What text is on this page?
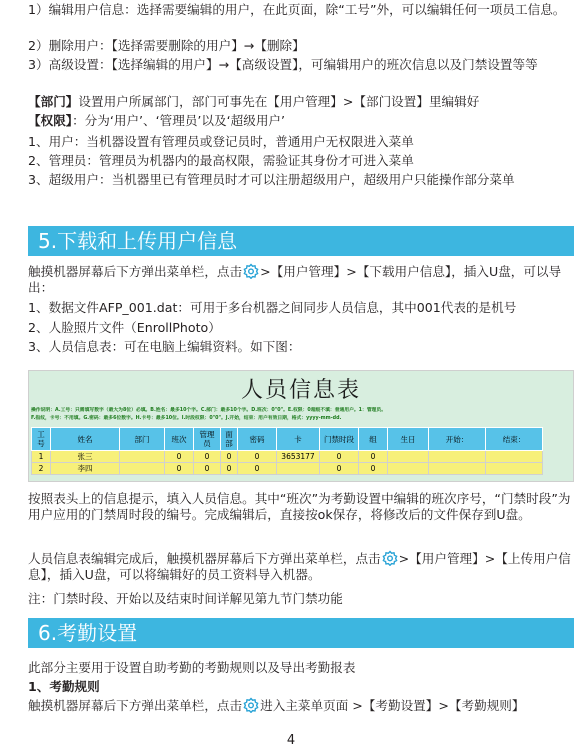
1）编辑用户信息：选择需要编辑的用户，在此页面，除“工号”外，可以编辑任何一项员工信息。

2）删除用户：【选择需要删除的用户】→【删除】

3）高级设置：【选择编辑的用户】→【高级设置】，可编辑用户的班次信息以及门禁设置等等

【部门】设置用户所属部门，部门可事先在【用户管理】>【部门设置】里编辑好

【权限】：分为‘用户’、‘管理员’以及‘超级用户’

1、用户：当机器设置有管理员或登记员时，普通用户无权限进入菜单

2、管理员：管理员为机器内的最高权限，需验证其身份才可进入菜单

3、超级用户：当机器里已有管理员时才可以注册超级用户，超级用户只能操作部分菜单

5.下载和上传用户信息

触摸机器屏幕后下方弹出菜单栏，点击 >【用户管理】>【下载用户信息】，插入U盘，可以导出：

1、数据文件AFP_001.dat：可用于多台机器之间同步人员信息，其中001代表的是机号

2、人脸照片文件（EnrollPhoto）

3、人员信息表：可在电脑上编辑资料。如下图：

人员信息表
操作说明：A.工号：只需填写数字（最大为8位）必填。B.姓名：最多10个字。C.部门：最多10个字。D.班次：0"0"。E.权限：0超级不填：普通用户。1：管理员。
F.指纹，卡号：不用填。G.密码：最多6位数字。H.卡号：最多10位。I.时段权限：0"0"。J.开始，结束：用户有效日期，格式：yyyy-mm-dd.
工号	姓名	部门	班次	管理员	面部	密码	卡	门禁时段	组	生日	开始：	结束：
1	张三		0	0	0	0	3653177	0	0			
2	李四		0	0	0	0		0	0			

按照表头上的信息提示，填入人员信息。其中“班次”为考勤设置中编辑的班次序号，“门禁时段”为用户应用的门禁周时段的编号。完成编辑后，直接按ok保存，将修改后的文件保存到U盘。

人员信息表编辑完成后，触摸机器屏幕后下方弹出菜单栏，点击 >【用户管理】>【上传用户信息】，插入U盘，可以将编辑好的员工资料导入机器。

注：门禁时段、开始以及结束时间详解见第九节门禁功能

6.考勤设置

此部分主要用于设置自助考勤的考勤规则以及导出考勤报表

1、考勤规则

触摸机器屏幕后下方弹出菜单栏，点击 进入主菜单页面 >【考勤设置】>【考勤规则】

4
